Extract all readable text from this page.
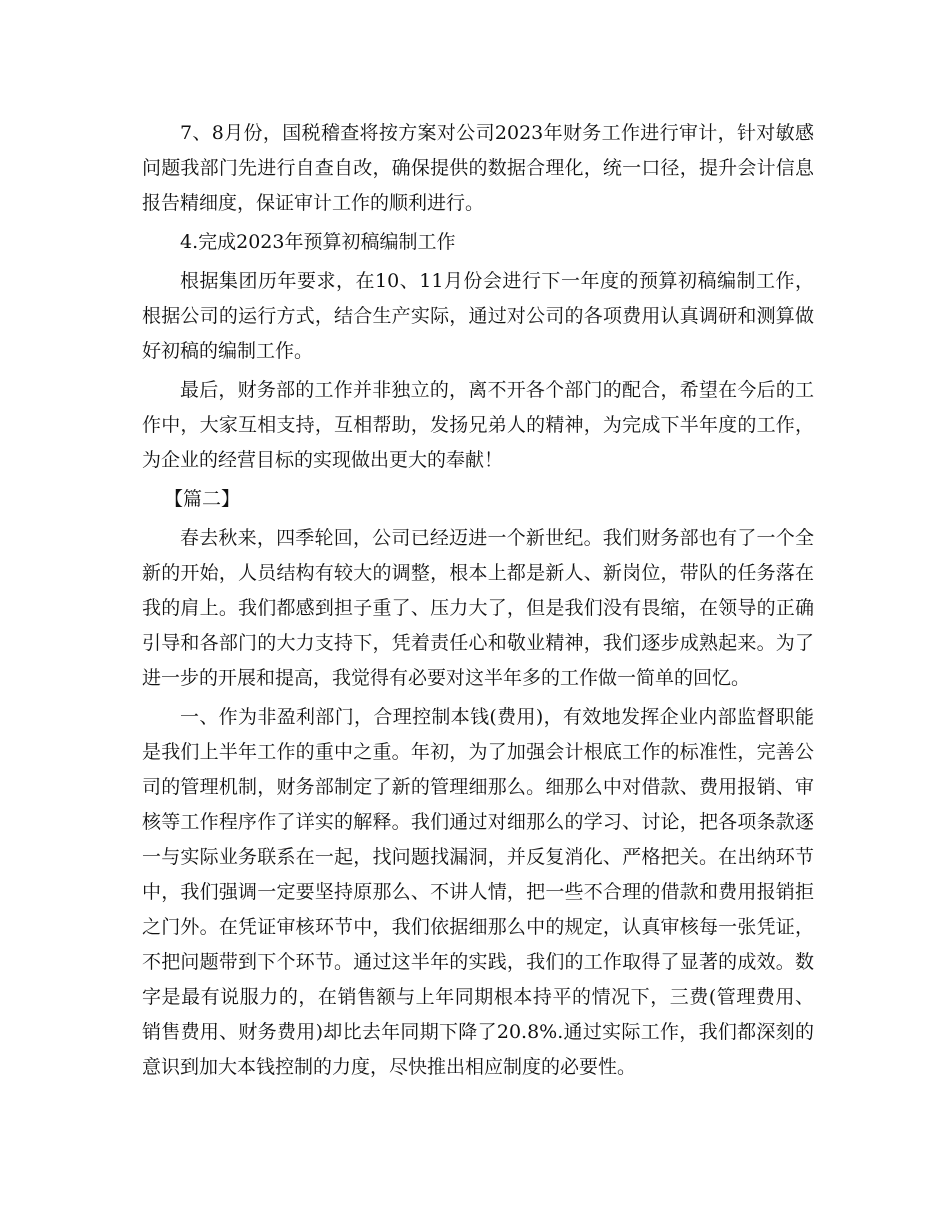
7、8月份，国税稽查将按方案对公司2023年财务工作进行审计，针对敏感问题我部门先进行自查自改，确保提供的数据合理化，统一口径，提升会计信息报告精细度，保证审计工作的顺利进行。

4.完成2023年预算初稿编制工作

根据集团历年要求，在10、11月份会进行下一年度的预算初稿编制工作，根据公司的运行方式，结合生产实际，通过对公司的各项费用认真调研和测算做好初稿的编制工作。

最后，财务部的工作并非独立的，离不开各个部门的配合，希望在今后的工作中，大家互相支持，互相帮助，发扬兄弟人的精神，为完成下半年度的工作，为企业的经营目标的实现做出更大的奉献！

【篇二】

春去秋来，四季轮回，公司已经迈进一个新世纪。我们财务部也有了一个全新的开始，人员结构有较大的调整，根本上都是新人、新岗位，带队的任务落在我的肩上。我们都感到担子重了、压力大了，但是我们没有畏缩，在领导的正确引导和各部门的大力支持下，凭着责任心和敬业精神，我们逐步成熟起来。为了进一步的开展和提高，我觉得有必要对这半年多的工作做一简单的回忆。

一、作为非盈利部门，合理控制本钱(费用)，有效地发挥企业内部监督职能是我们上半年工作的重中之重。年初，为了加强会计根底工作的标准性，完善公司的管理机制，财务部制定了新的管理细那么。细那么中对借款、费用报销、审核等工作程序作了详实的解释。我们通过对细那么的学习、讨论，把各项条款逐一与实际业务联系在一起，找问题找漏洞，并反复消化、严格把关。在出纳环节中，我们强调一定要坚持原那么、不讲人情，把一些不合理的借款和费用报销拒之门外。在凭证审核环节中，我们依据细那么中的规定，认真审核每一张凭证，不把问题带到下个环节。通过这半年的实践，我们的工作取得了显著的成效。数字是最有说服力的，在销售额与上年同期根本持平的情况下，三费(管理费用、销售费用、财务费用)却比去年同期下降了20.8%.通过实际工作，我们都深刻的意识到加大本钱控制的力度，尽快推出相应制度的必要性。
